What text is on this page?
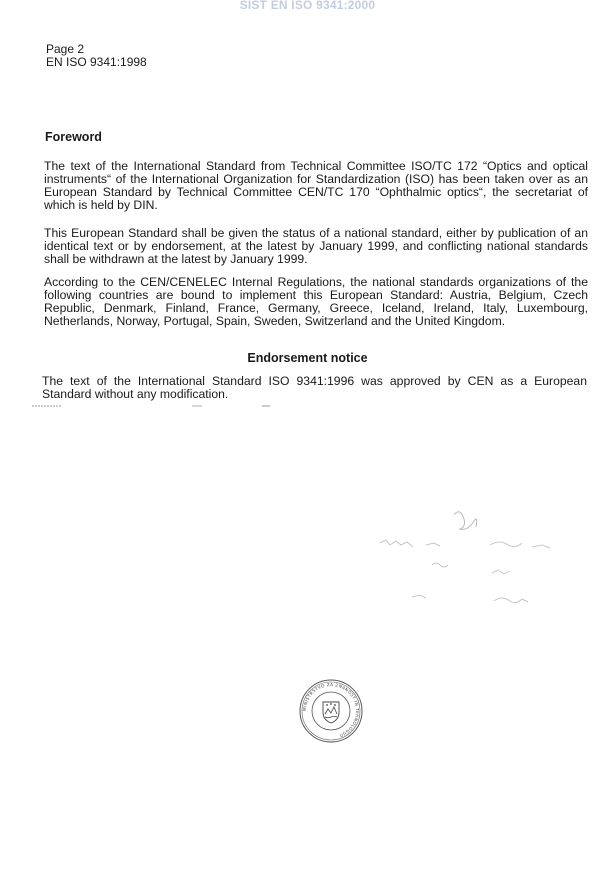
SIST EN ISO 9341:2000
Page 2
EN ISO 9341:1998
Foreword

The text of the International Standard from Technical Committee ISO/TC 172 “Optics and optical instruments“ of the International Organization for Standardization (ISO) has been taken over as an European Standard by Technical Committee CEN/TC 170 “Ophthalmic optics“, the secretariat of which is held by DIN.

This European Standard shall be given the status of a national standard, either by publication of an identical text or by endorsement, at the latest by January 1999, and conflicting national standards shall be withdrawn at the latest by January 1999.

According to the CEN/CENELEC Internal Regulations, the national standards organizations of the following countries are bound to implement this European Standard: Austria, Belgium, Czech Republic, Denmark, Finland, France, Germany, Greece, Iceland, Ireland, Italy, Luxembourg, Netherlands, Norway, Portugal, Spain, Sweden, Switzerland and the United Kingdom.

Endorsement notice

The text of the International Standard ISO 9341:1996 was approved by CEN as a European Standard without any modification.

MINISTRSTVO ZA ZNANOST IN TEHNOLOGIJO
